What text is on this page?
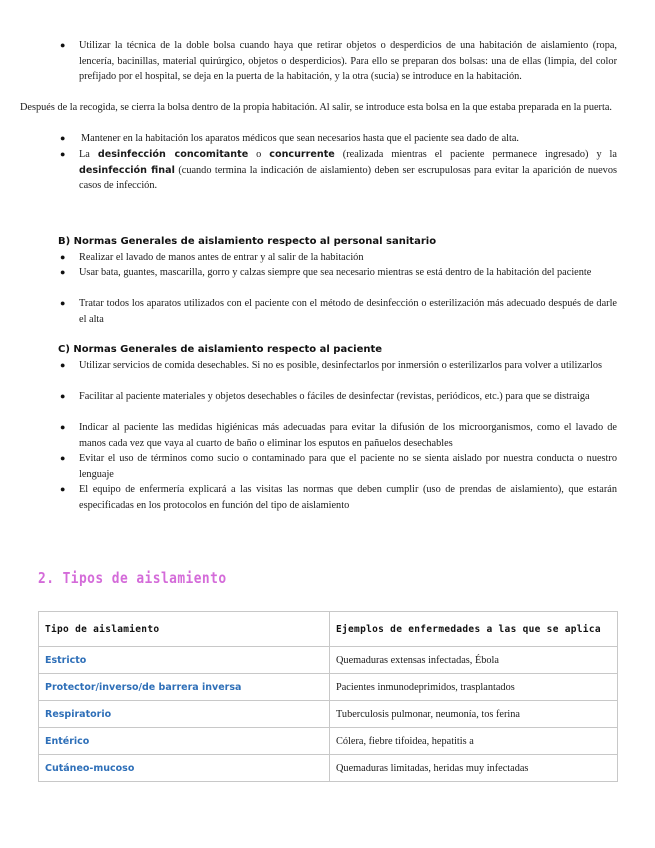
● Utilizar la técnica de la doble bolsa cuando haya que retirar objetos o desperdicios de una habitación de aislamiento (ropa, lencería, bacinillas, material quirúrgico, objetos o desperdicios). Para ello se preparan dos bolsas: una de ellas (limpia, del color prefijado por el hospital, se deja en la puerta de la habitación, y la otra (sucia) se introduce en la habitación.

Después de la recogida, se cierra la bolsa dentro de la propia habitación. Al salir, se introduce esta bolsa en la que estaba preparada en la puerta.

● Mantener en la habitación los aparatos médicos que sean necesarios hasta que el paciente sea dado de alta.
● La desinfección concomitante o concurrente (realizada mientras el paciente permanece ingresado) y la desinfección final (cuando termina la indicación de aislamiento) deben ser escrupulosas para evitar la aparición de nuevos casos de infección.
B) Normas Generales de aislamiento respecto al personal sanitario
● Realizar el lavado de manos antes de entrar y al salir de la habitación
● Usar bata, guantes, mascarilla, gorro y calzas siempre que sea necesario mientras se está dentro de la habitación del paciente
● Tratar todos los aparatos utilizados con el paciente con el método de desinfección o esterilización más adecuado después de darle el alta
C) Normas Generales de aislamiento respecto al paciente
● Utilizar servicios de comida desechables. Si no es posible, desinfectarlos por inmersión o esterilizarlos para volver a utilizarlos
● Facilitar al paciente materiales y objetos desechables o fáciles de desinfectar (revistas, periódicos, etc.) para que se distraiga
● Indicar al paciente las medidas higiénicas más adecuadas para evitar la difusión de los microorganismos, como el lavado de manos cada vez que vaya al cuarto de baño o eliminar los esputos en pañuelos desechables
● Evitar el uso de términos como sucio o contaminado para que el paciente no se sienta aislado por nuestra conducta o nuestro lenguaje
● El equipo de enfermería explicará a las visitas las normas que deben cumplir (uso de prendas de aislamiento), que estarán especificadas en los protocolos en función del tipo de aislamiento
2. Tipos de aislamiento
Tipo de aislamiento	Ejemplos de enfermedades a las que se aplica
Estricto	Quemaduras extensas infectadas, Ébola
Protector/inverso/de barrera inversa	Pacientes inmunodeprimidos, trasplantados
Respiratorio	Tuberculosis pulmonar, neumonía, tos ferina
Entérico	Cólera, fiebre tifoidea, hepatitis a
Cutáneo-mucoso	Quemaduras limitadas, heridas muy infectadas
